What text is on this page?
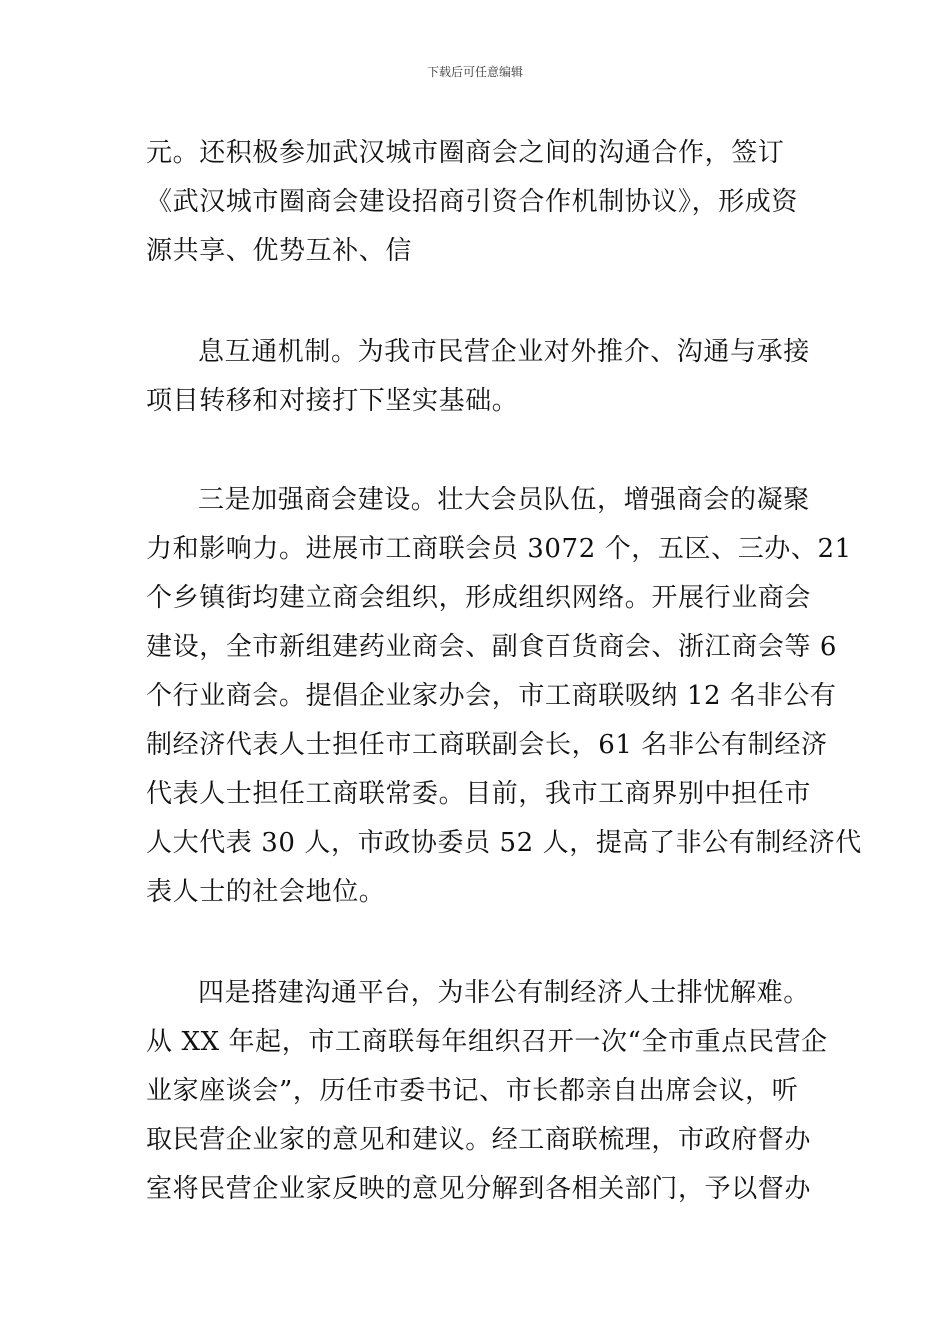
下载后可任意编辑
元。还积极参加武汉城市圈商会之间的沟通合作，签订
《武汉城市圈商会建设招商引资合作机制协议》，形成资
源共享、优势互补、信
息互通机制。为我市民营企业对外推介、沟通与承接
项目转移和对接打下坚实基础。
三是加强商会建设。壮大会员队伍，增强商会的凝聚
力和影响力。进展市工商联会员 3072 个，五区、三办、21
个乡镇街均建立商会组织，形成组织网络。开展行业商会
建设，全市新组建药业商会、副食百货商会、浙江商会等 6
个行业商会。提倡企业家办会，市工商联吸纳 12 名非公有
制经济代表人士担任市工商联副会长，61 名非公有制经济
代表人士担任工商联常委。目前，我市工商界别中担任市
人大代表 30 人，市政协委员 52 人，提高了非公有制经济代
表人士的社会地位。
四是搭建沟通平台，为非公有制经济人士排忧解难。
从 XX 年起，市工商联每年组织召开一次“全市重点民营企
业家座谈会”，历任市委书记、市长都亲自出席会议，听
取民营企业家的意见和建议。经工商联梳理，市政府督办
室将民营企业家反映的意见分解到各相关部门，予以督办
